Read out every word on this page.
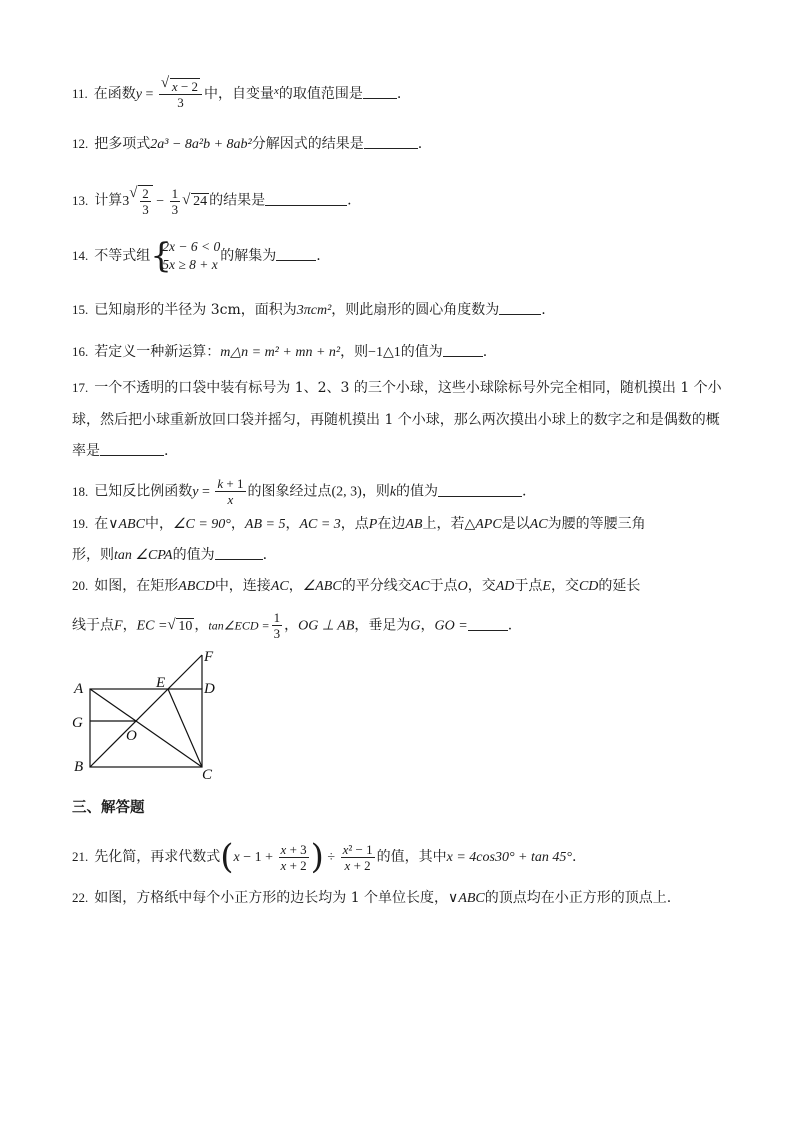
11. 在函数y = √ $\frac{x - 2}{3}$ 中，自变量$^x$的取值范围是 .
12. 把多项式2a³ − 8a²b + 8ab²分解因式的结果是	.
13. 计算3 √ $\frac{2}{3} - \frac{1}{3}$ √ 24 的结果是	.
14. 不等式组 {
2x − 6 < 0
5x ≥ 8 + x
的解集为	.
15. 已知扇形的半径为 3cm，面积为3πcm²，则此扇形的圆心角度数为	.
16. 若定义一种新运算：m△n = m² + mn + n²，则−1△1的值为	.
17. 一个不透明的口袋中装有标号为 1、2、3 的三个小球，这些小球除标号外完全相同，随机摸出 1 个小
球，然后把小球重新放回口袋并摇匀，再随机摸出 1 个小球，那么两次摸出小球上的数字之和是偶数的概
率是	.
18. 已知反比例函数$y = \frac{k + 1}{x}$ 的图象经过点(2, 3)，则k的值为	.
19. 在∨ABC中，∠C = 90°，AB = 5，AC = 3，点P在边AB上，若△APC是以AC为腰的等腰三角
形，则tan ∠CPA的值为	.
20. 如图，在矩形ABCD中，连接AC，∠ABC的平分线交AC于点O，交AD于点E，交CD的延长
线于点F，EC = √ 10 ，tan∠ECD = $\frac{1}{3}$ ，OG ⊥ AB，垂足为G，GO =	.
A
B	C
D
E
F
G
O
三、解答题
21. 先化简，再求代数式($x - 1 + \frac{x + 3}{x + 2}$ ) ÷ $\frac{\text{x² − 1}}{x + 2}$ 的值，其中x = 4cos30° + tan 45°.
22. 如图，方格纸中每个小正方形的边长均为 1 个单位长度，∨ABC的顶点均在小正方形的顶点上.
